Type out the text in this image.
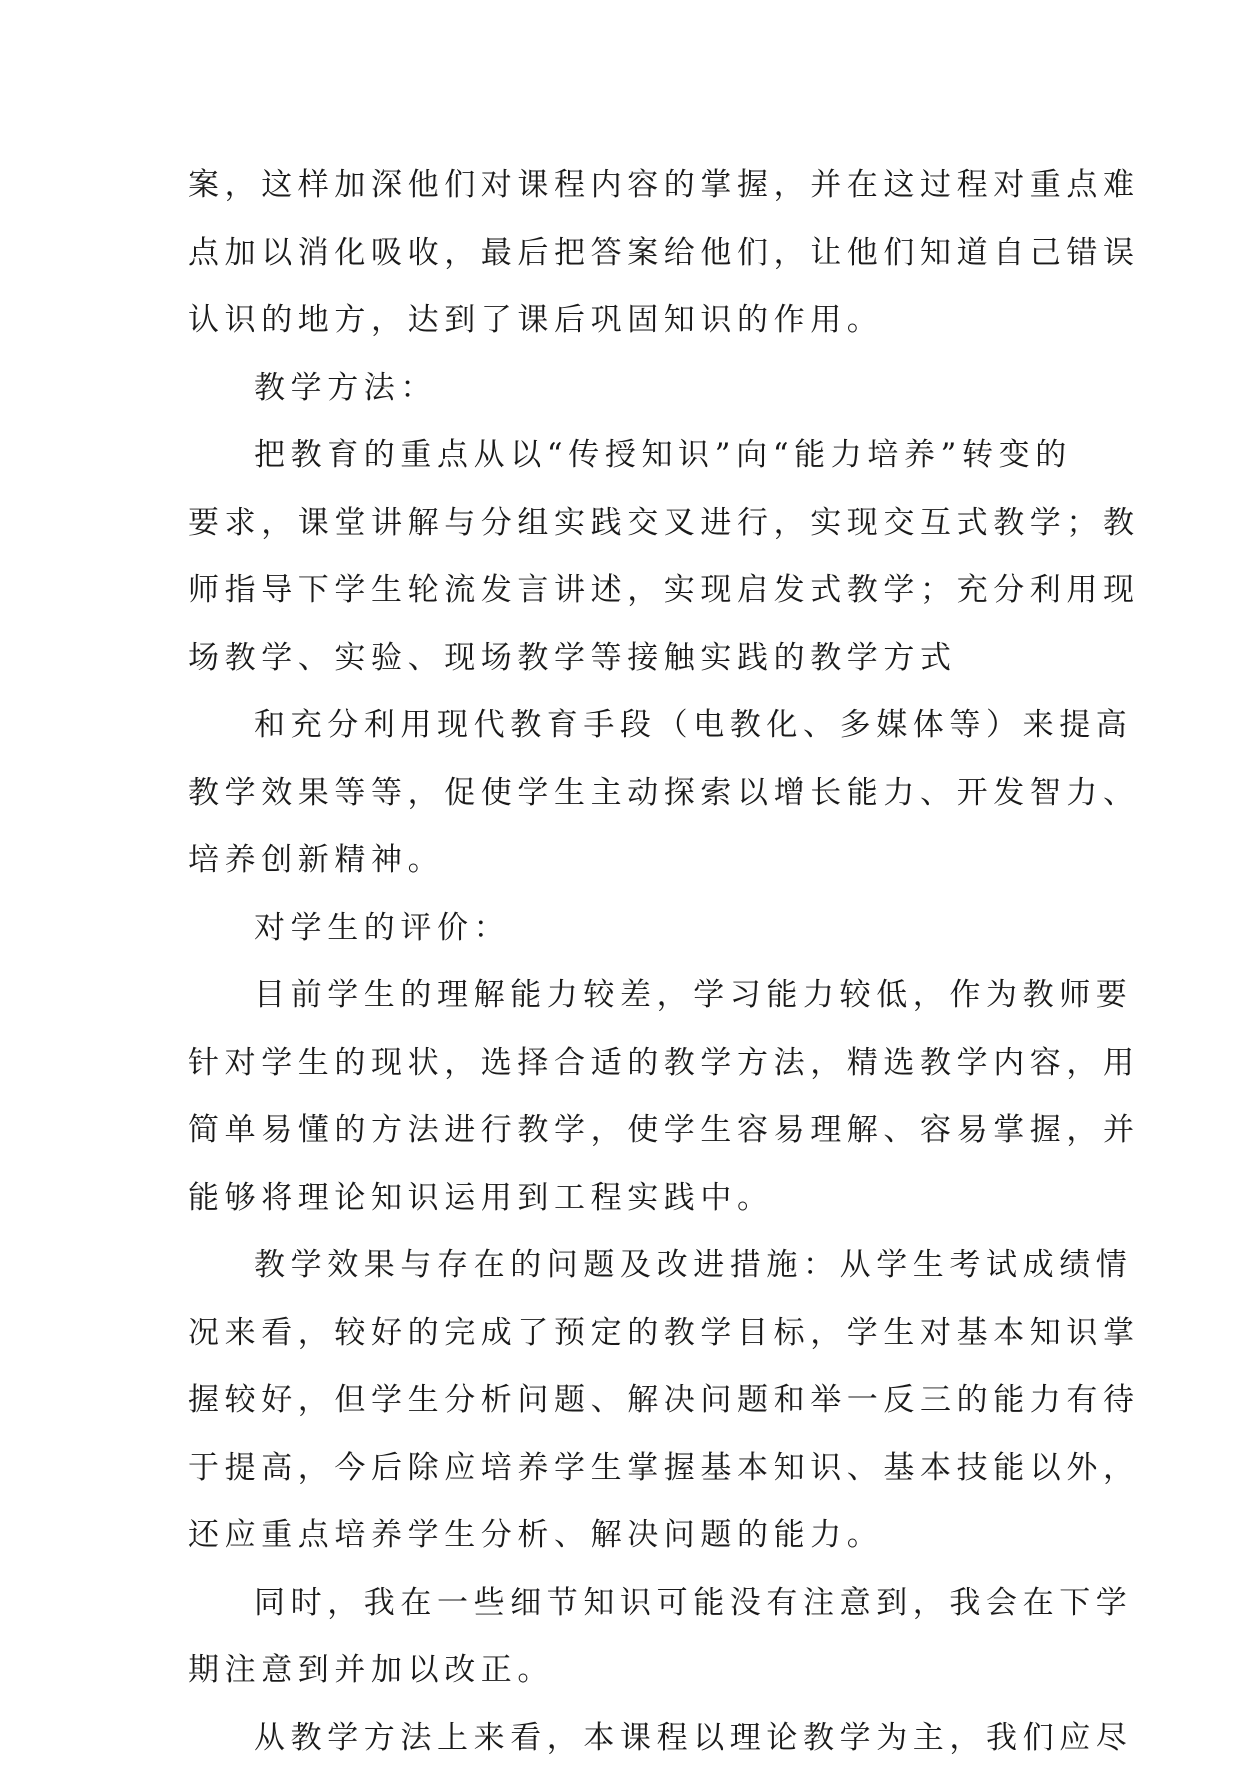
案，这样加深他们对课程内容的掌握，并在这过程对重点难
点加以消化吸收，最后把答案给他们，让他们知道自己错误
认识的地方，达到了课后巩固知识的作用。
教学方法：
把教育的重点从以“传授知识”向“能力培养”转变的
要求，课堂讲解与分组实践交叉进行，实现交互式教学；教
师指导下学生轮流发言讲述，实现启发式教学；充分利用现
场教学、实验、现场教学等接触实践的教学方式
和充分利用现代教育手段（电教化、多媒体等）来提高
教学效果等等，促使学生主动探索以增长能力、开发智力、
培养创新精神。
对学生的评价：
目前学生的理解能力较差，学习能力较低，作为教师要
针对学生的现状，选择合适的教学方法，精选教学内容，用
简单易懂的方法进行教学，使学生容易理解、容易掌握，并
能够将理论知识运用到工程实践中。
教学效果与存在的问题及改进措施：从学生考试成绩情
况来看，较好的完成了预定的教学目标，学生对基本知识掌
握较好，但学生分析问题、解决问题和举一反三的能力有待
于提高，今后除应培养学生掌握基本知识、基本技能以外，
还应重点培养学生分析、解决问题的能力。
同时，我在一些细节知识可能没有注意到，我会在下学
期注意到并加以改正。
从教学方法上来看，本课程以理论教学为主，我们应尽
